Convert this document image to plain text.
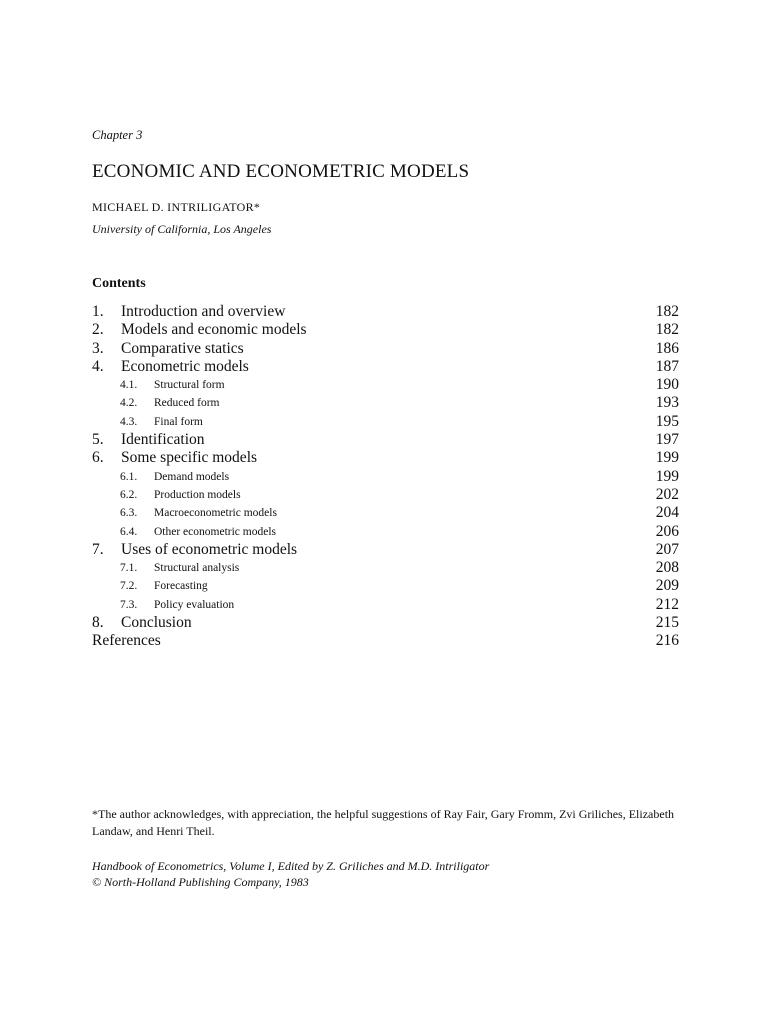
Chapter 3
ECONOMIC AND ECONOMETRIC MODELS
MICHAEL D. INTRILIGATOR*
University of California, Los Angeles
Contents
1. Introduction and overview	182
2. Models and economic models	182
3. Comparative statics	186
4. Econometric models	187
4.1. Structural form	190
4.2. Reduced form	193
4.3. Final form	195
5. Identification	197
6. Some specific models	199
6.1. Demand models	199
6.2. Production models	202
6.3. Macroeconometric models	204
6.4. Other econometric models	206
7. Uses of econometric models	207
7.1. Structural analysis	208
7.2. Forecasting	209
7.3. Policy evaluation	212
8. Conclusion	215
References	216
*The author acknowledges, with appreciation, the helpful suggestions of Ray Fair, Gary Fromm, Zvi Griliches, Elizabeth Landaw, and Henri Theil.
Handbook of Econometrics, Volume I, Edited by Z. Griliches and M.D. Intriligator
© North-Holland Publishing Company, 1983
